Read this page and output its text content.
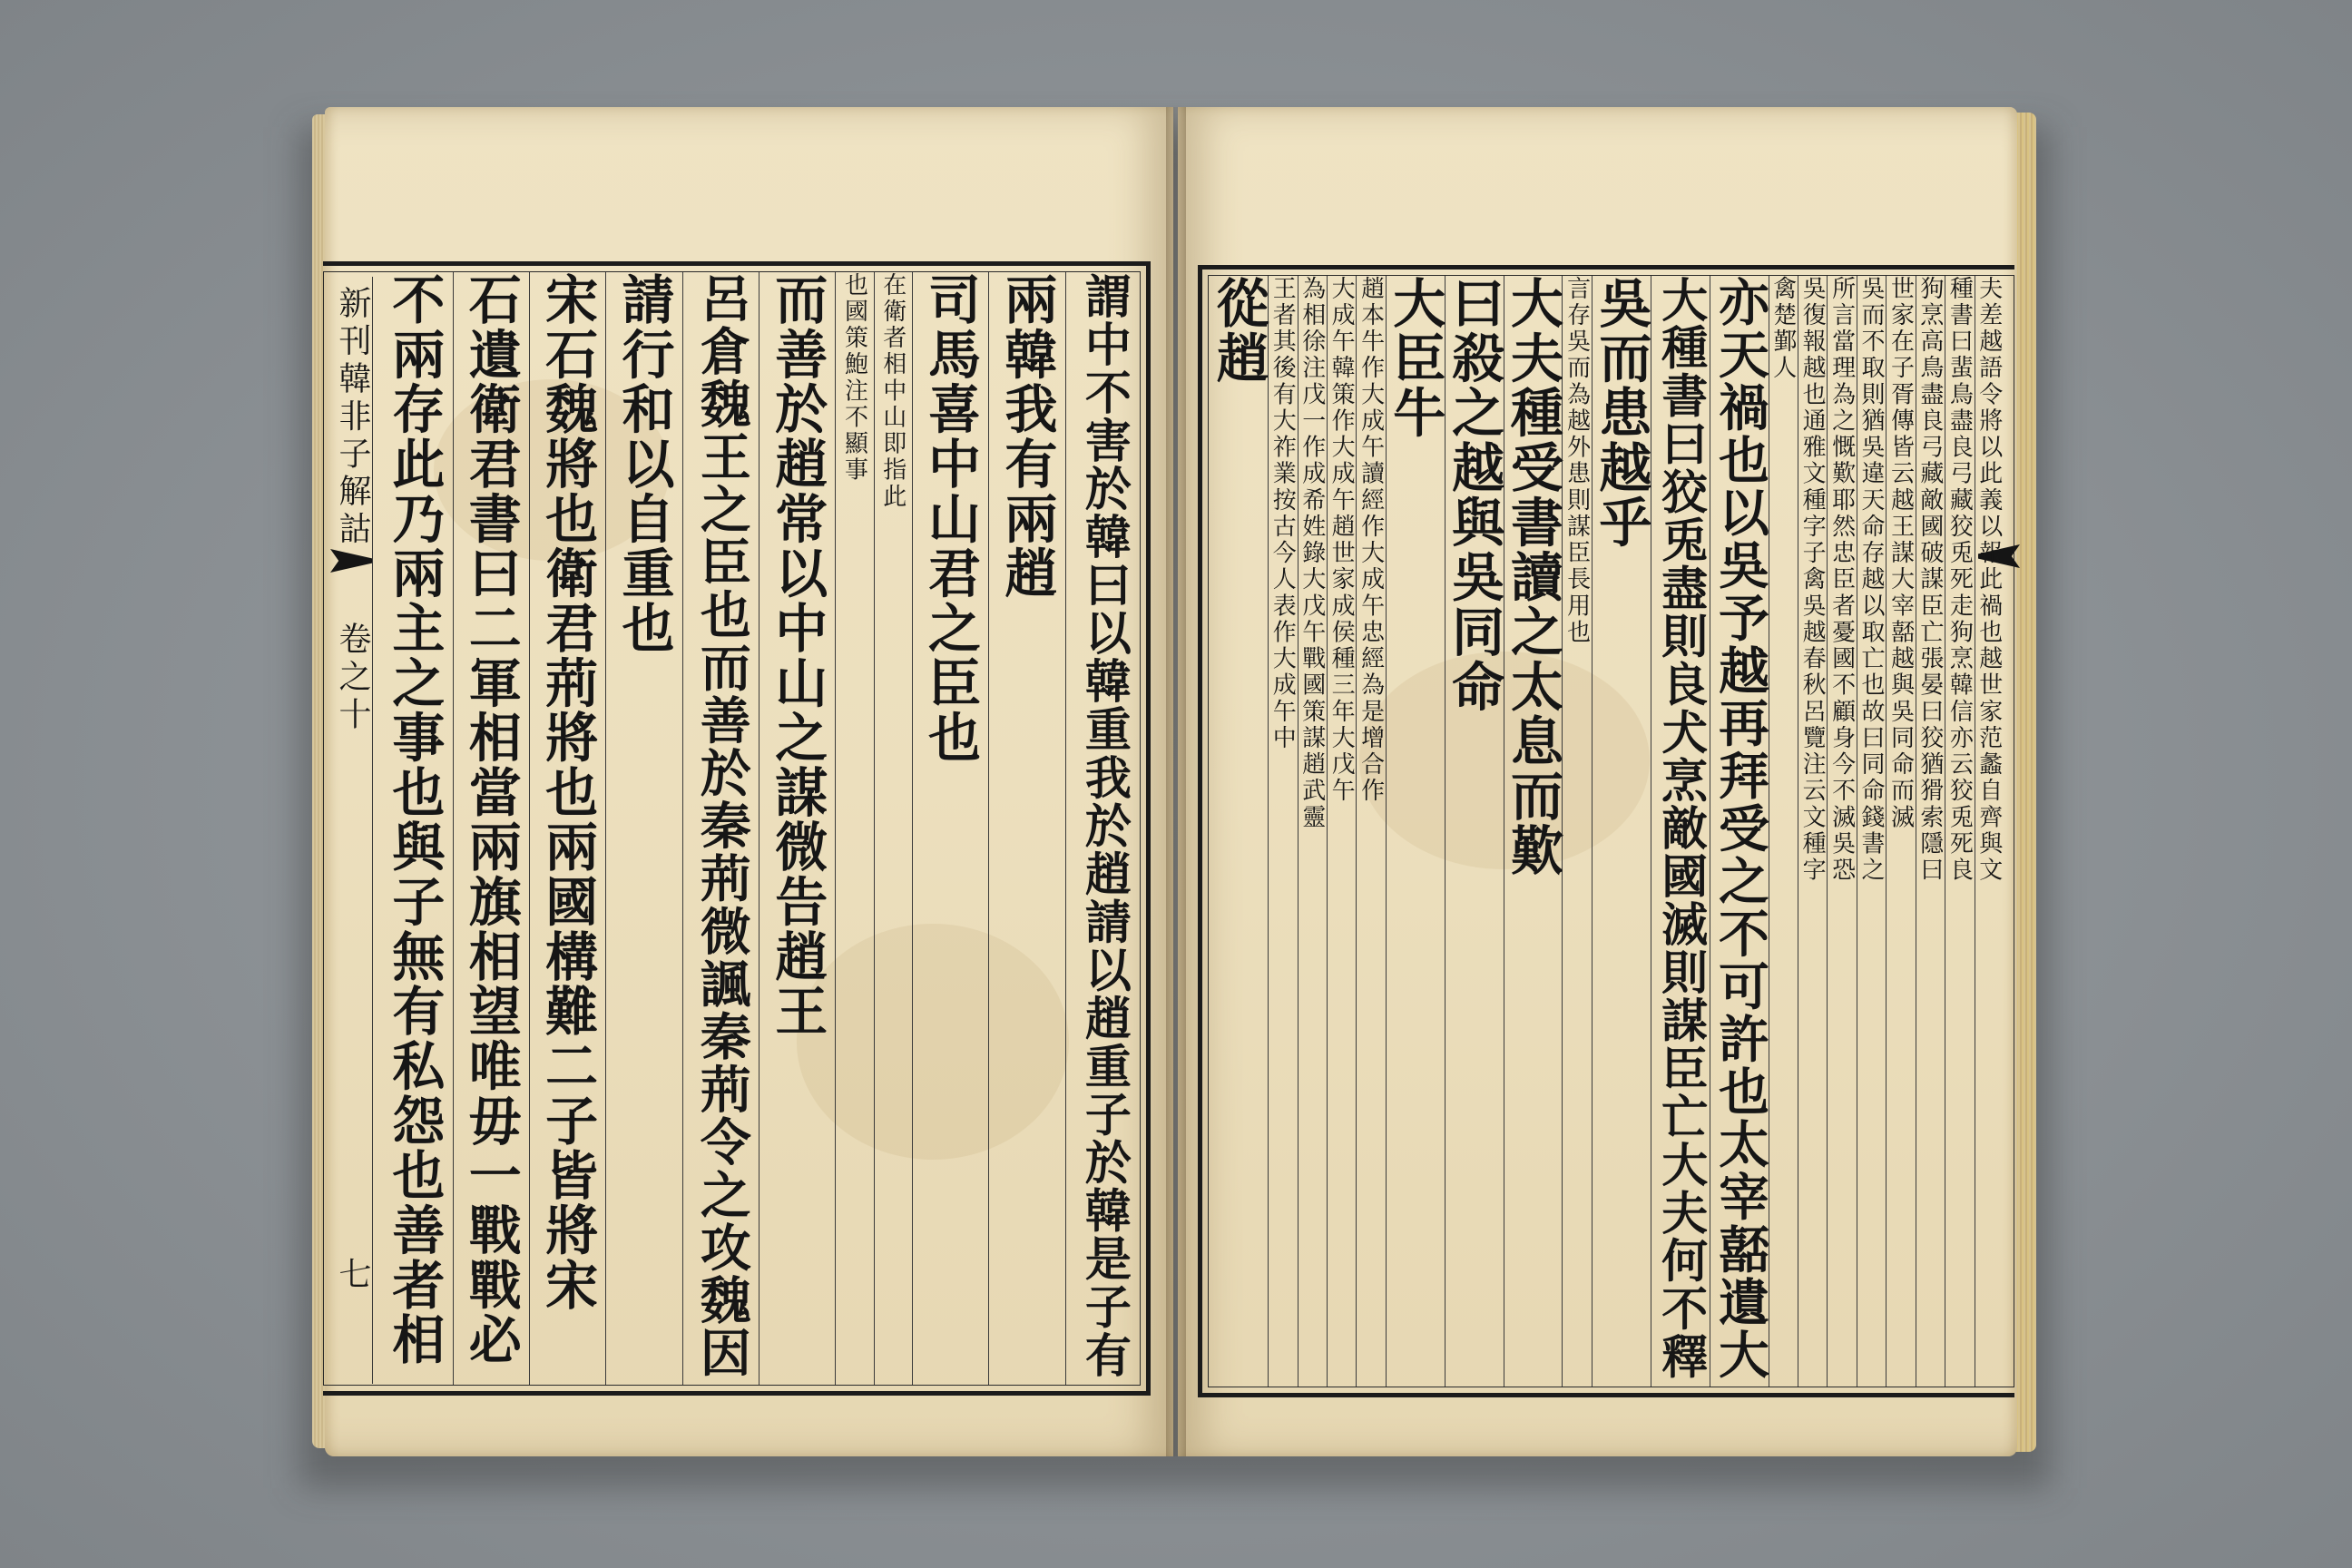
新刊韓非子解詁
卷之十
七	謂中不害於韓曰以韓重我於趙請以趙重子於韓是子有
兩韓我有兩趙
司馬喜中山君之臣也
在衛者相中山即指此
也國策鮑注不顯事
而善於趙常以中山之謀微告趙王
呂倉魏王之臣也而善於秦荊微諷秦荊令之攻魏因
請行和以自重也
宋石魏將也衛君荊將也兩國構難二子皆將宋
石遺衛君書曰二軍相當兩旗相望唯毋一戰戰必
不兩存此乃兩主之事也與子無有私怨也善者相	夫差越語令將以此義以報此禍也越世家范蠡自齊與文
種書曰蜚鳥盡良弓藏狡兎死走狗烹韓信亦云狡兎死良
狗烹高鳥盡良弓藏敵國破謀臣亡張晏曰狡猶猾索隱曰
世家在子胥傳皆云越王謀大宰嚭越與吳同命而滅
吳而不取則猶吳違天命存越以取亡也故曰同命錢書之
所言當理為之慨歎耶然忠臣者憂國不顧身今不滅吳恐
吳復報越也通雅文種字子禽吳越春秋呂覽注云文種字
禽楚鄞人
亦天禍也以吳予越再拜受之不可許也太宰嚭遺大
大種書曰狡兎盡則良犬烹敵國滅則謀臣亡大夫何不釋
吳而患越乎
言存吳而為越外患則謀臣長用也
大夫種受書讀之太息而歎
曰殺之越與吳同命
大臣牛
趙本牛作大成午讀經作大成午忠經為是增合作
大成午韓策作大成午趙世家成侯種三年大戊午
為相徐注戊一作成希姓錄大戊午戰國策謀趙武靈
王者其後有大祚業按古今人表作大成午中
從趙
